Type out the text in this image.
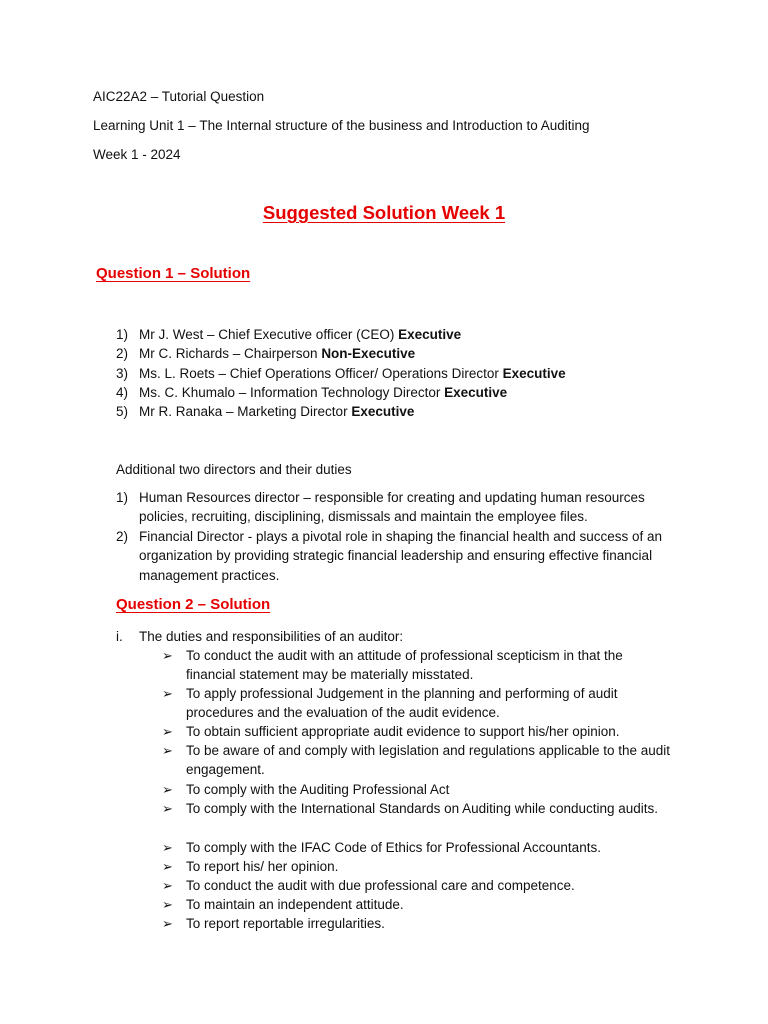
AIC22A2 – Tutorial Question
Learning Unit 1 – The Internal structure of the business and Introduction to Auditing
Week 1 - 2024
Suggested Solution Week 1
Question 1 – Solution
1) Mr J. West – Chief Executive officer (CEO) Executive
2) Mr C. Richards – Chairperson Non-Executive
3) Ms. L. Roets – Chief Operations Officer/ Operations Director Executive
4) Ms. C. Khumalo – Information Technology Director Executive
5) Mr R. Ranaka – Marketing Director Executive
Additional two directors and their duties
1) Human Resources director – responsible for creating and updating human resources policies, recruiting, disciplining, dismissals and maintain the employee files.
2) Financial Director - plays a pivotal role in shaping the financial health and success of an organization by providing strategic financial leadership and ensuring effective financial management practices.
Question 2 – Solution
i. The duties and responsibilities of an auditor:
➢ To conduct the audit with an attitude of professional scepticism in that the financial statement may be materially misstated.
➢ To apply professional Judgement in the planning and performing of audit procedures and the evaluation of the audit evidence.
➢ To obtain sufficient appropriate audit evidence to support his/her opinion.
➢ To be aware of and comply with legislation and regulations applicable to the audit engagement.
➢ To comply with the Auditing Professional Act
➢ To comply with the International Standards on Auditing while conducting audits.
➢ To comply with the IFAC Code of Ethics for Professional Accountants.
➢ To report his/ her opinion.
➢ To conduct the audit with due professional care and competence.
➢ To maintain an independent attitude.
➢ To report reportable irregularities.
